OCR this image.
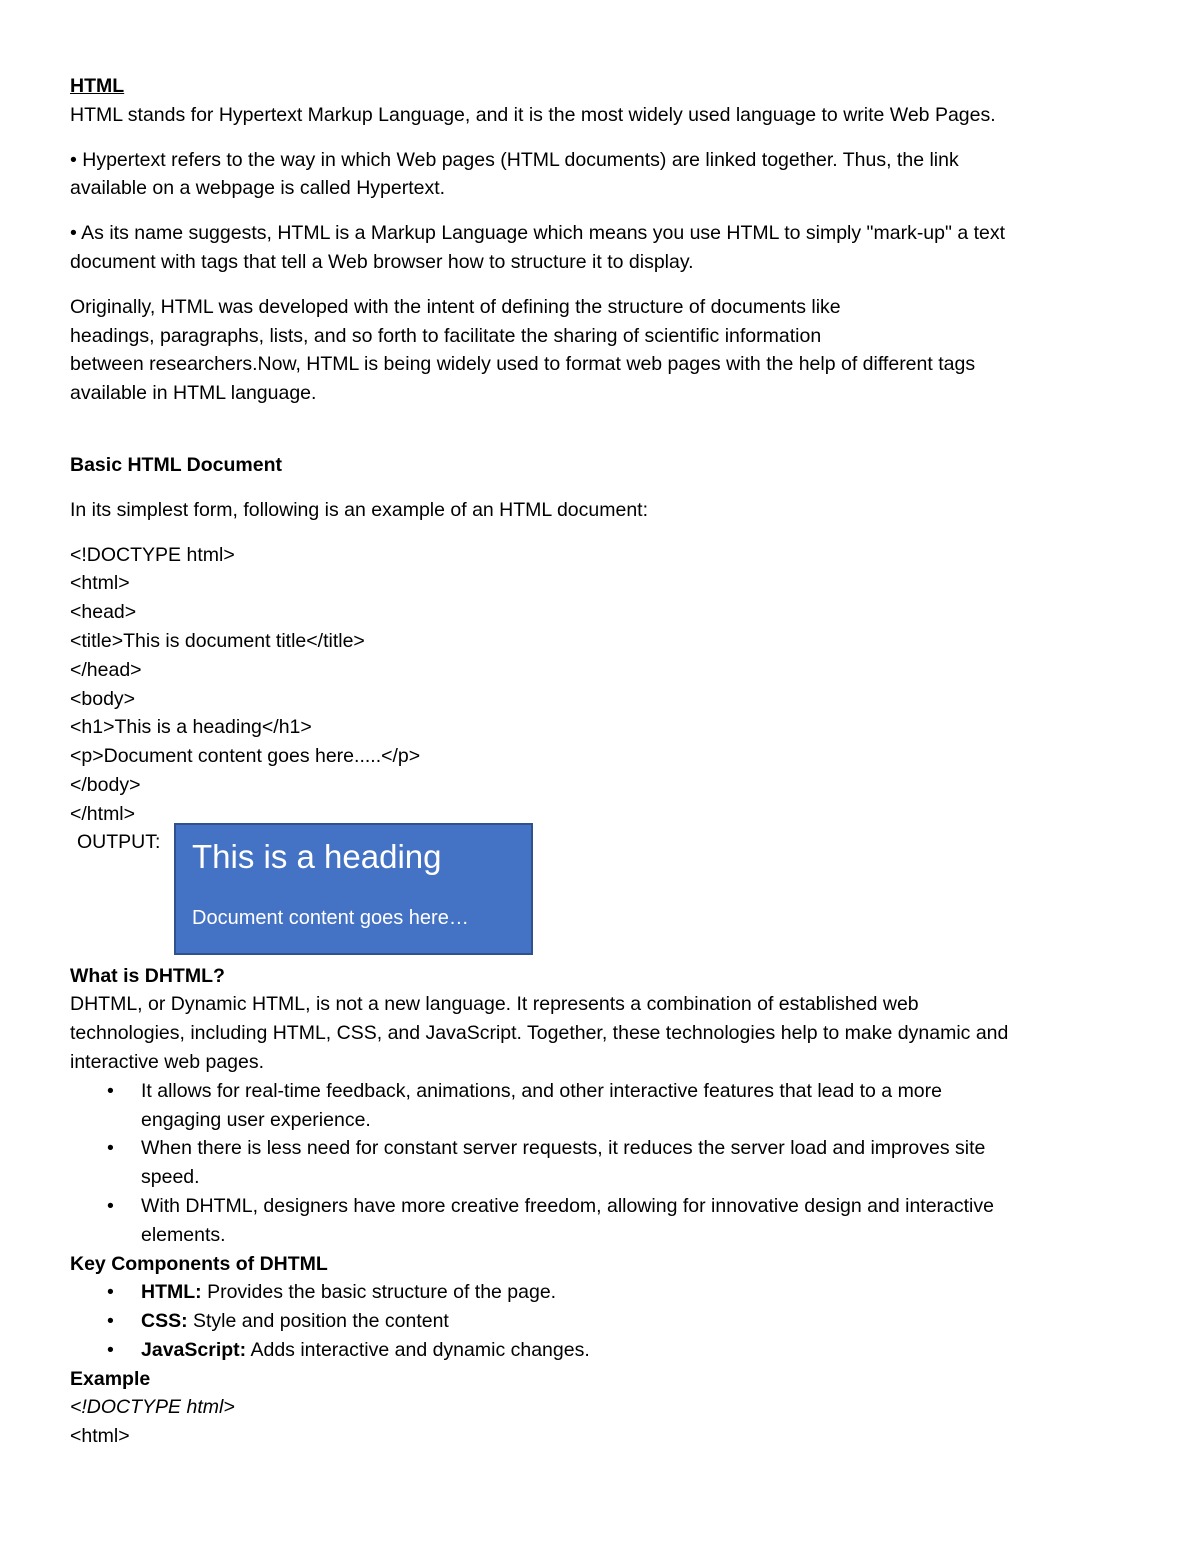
HTML
HTML stands for Hypertext Markup Language, and it is the most widely used language to write Web Pages.
• Hypertext refers to the way in which Web pages (HTML documents) are linked together. Thus, the link
available on a webpage is called Hypertext.
• As its name suggests, HTML is a Markup Language which means you use HTML to simply "mark-up" a text
document with tags that tell a Web browser how to structure it to display.
Originally, HTML was developed with the intent of defining the structure of documents like
headings, paragraphs, lists, and so forth to facilitate the sharing of scientific information
between researchers.Now, HTML is being widely used to format web pages with the help of different tags
available in HTML language.
Basic HTML Document
In its simplest form, following is an example of an HTML document:
<!DOCTYPE html>
<html>
<head>
<title>This is document title</title>
</head>
<body>
<h1>This is a heading</h1>
<p>Document content goes here.....</p>
</body>
</html>
OUTPUT: This is a heading
Document content goes here…
What is DHTML?
DHTML, or Dynamic HTML, is not a new language. It represents a combination of established web
technologies, including HTML, CSS, and JavaScript. Together, these technologies help to make dynamic and
interactive web pages.
• It allows for real-time feedback, animations, and other interactive features that lead to a more
engaging user experience.
• When there is less need for constant server requests, it reduces the server load and improves site
speed.
• With DHTML, designers have more creative freedom, allowing for innovative design and interactive
elements.
Key Components of DHTML
• HTML: Provides the basic structure of the page.
• CSS: Style and position the content
• JavaScript: Adds interactive and dynamic changes.
Example
<!DOCTYPE html>
<html>
